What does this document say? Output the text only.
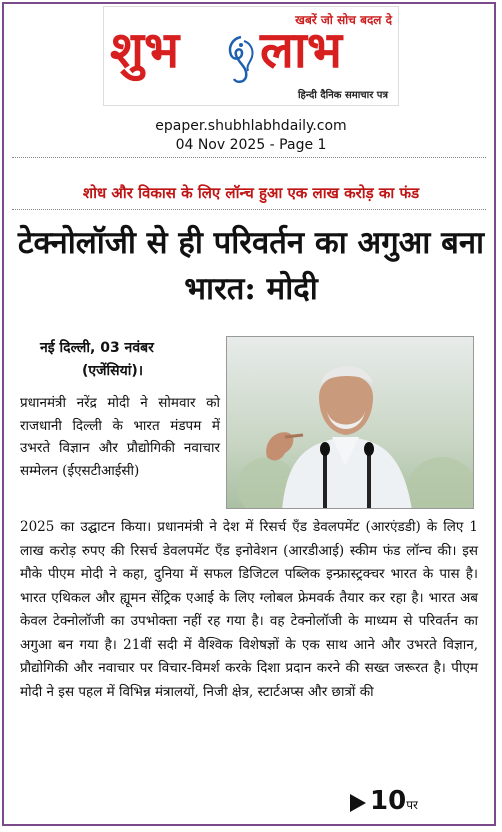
खबरें जो सोच बदल दे
शुभ लाभ
हिन्दी दैनिक समाचार पत्र
epaper.shubhlabhdaily.com
04 Nov 2025 - Page 1
शोध और विकास के लिए लॉन्च हुआ एक लाख करोड़ का फंड
टेक्नोलॉजी से ही परिवर्तन का अगुआ बना भारत: मोदी
नई दिल्ली, 03 नवंबर
(एजेंसियां)।
प्रधानमंत्री नरेंद्र मोदी ने सोमवार को राजधानी दिल्ली के भारत मंडपम में उभरते विज्ञान और प्रौद्योगिकी नवाचार सम्मेलन (ईएसटीआईसी)
2025 का उद्घाटन किया। प्रधानमंत्री ने देश में रिसर्च ऍंड डेवलपमेंट (आरएंडडी) के लिए 1 लाख करोड़ रुपए की रिसर्च डेवलपमेंट ऍंड इनोवेशन (आरडीआई) स्कीम फंड लॉन्च की। इस मौके पीएम मोदी ने कहा, दुनिया में सफल डिजिटल पब्लिक इन्फ्रास्ट्रक्चर भारत के पास है। भारत एथिकल और ह्यूमन सेंट्रिक एआई के लिए ग्लोबल फ्रेमवर्क तैयार कर रहा है। भारत अब केवल टेक्नोलॉजी का उपभोक्ता नहीं रह गया है। वह टेक्नोलॉजी के माध्यम से परिवर्तन का अगुआ बन गया है। 21वीं सदी में वैश्विक विशेषज्ञों के एक साथ आने और उभरते विज्ञान, प्रौद्योगिकी और नवाचार पर विचार-विमर्श करके दिशा प्रदान करने की सख्त जरूरत है। पीएम मोदी ने इस पहल में विभिन्न मंत्रालयों, निजी क्षेत्र, स्टार्टअप्स और छात्रों की
10पर
